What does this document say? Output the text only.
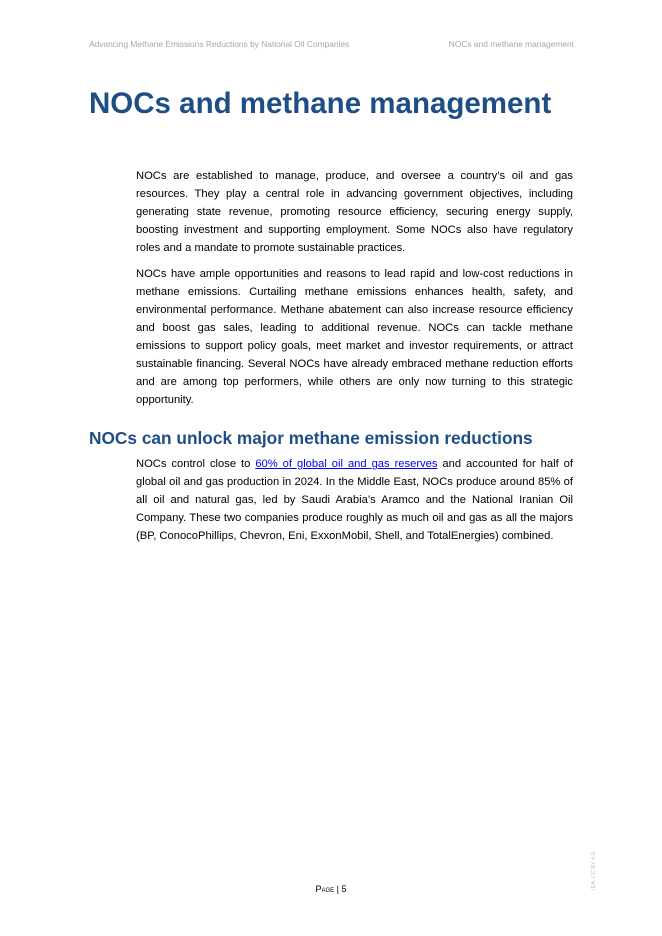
Advancing Methane Emissions Reductions by National Oil Companies	NOCs and methane management
NOCs and methane management

NOCs are established to manage, produce, and oversee a country’s oil and gas resources. They play a central role in advancing government objectives, including generating state revenue, promoting resource efficiency, securing energy supply, boosting investment and supporting employment. Some NOCs also have regulatory roles and a mandate to promote sustainable practices.

NOCs have ample opportunities and reasons to lead rapid and low-cost reductions in methane emissions. Curtailing methane emissions enhances health, safety, and environmental performance. Methane abatement can also increase resource efficiency and boost gas sales, leading to additional revenue. NOCs can tackle methane emissions to support policy goals, meet market and investor requirements, or attract sustainable financing. Several NOCs have already embraced methane reduction efforts and are among top performers, while others are only now turning to this strategic opportunity.

NOCs can unlock major methane emission reductions

NOCs control close to 60% of global oil and gas reserves and accounted for half of global oil and gas production in 2024. In the Middle East, NOCs produce around 85% of all oil and natural gas, led by Saudi Arabia’s Aramco and the National Iranian Oil Company. These two companies produce roughly as much oil and gas as all the majors (BP, ConocoPhillips, Chevron, Eni, ExxonMobil, Shell, and TotalEnergies) combined.

Page | 5	IEA. CC BY 4.0.
